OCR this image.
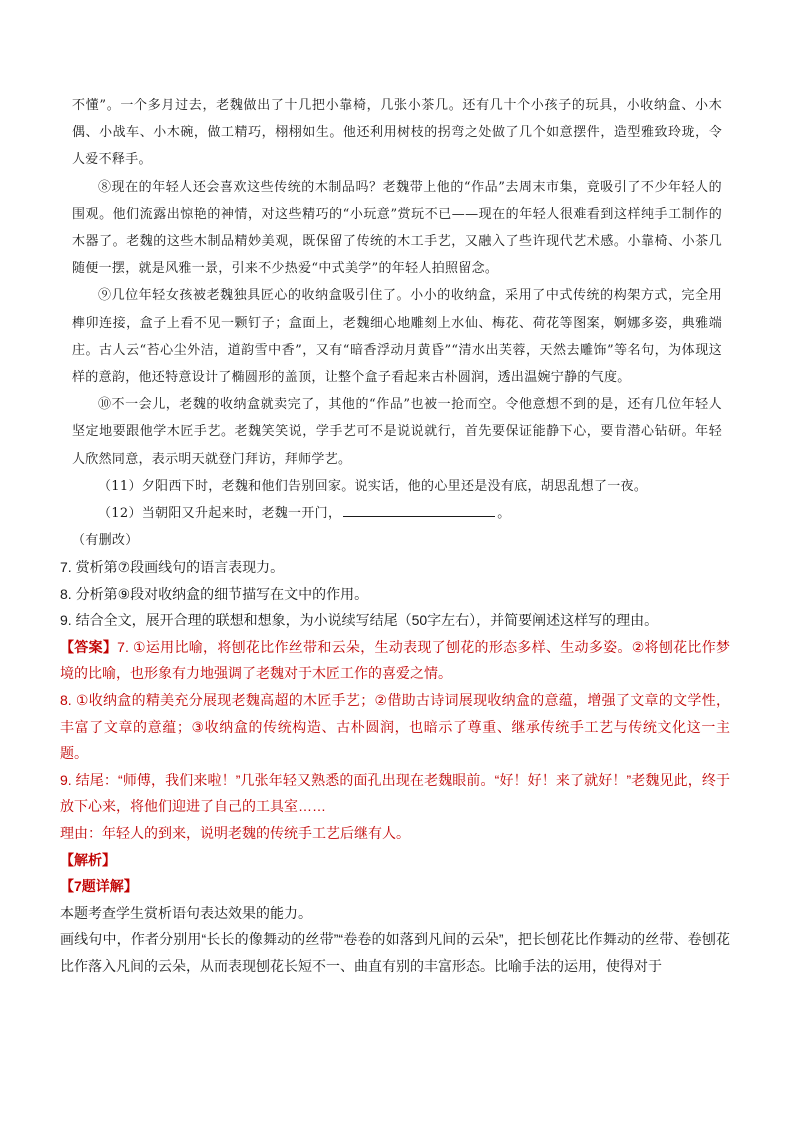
不懂”。一个多月过去，老魏做出了十几把小靠椅，几张小茶几。还有几十个小孩子的玩具，小收纳盒、小木偶、小战车、小木碗，做工精巧，栩栩如生。他还利用树枝的拐弯之处做了几个如意摆件，造型雅致玲珑，令人爱不释手。

⑧现在的年轻人还会喜欢这些传统的木制品吗？老魏带上他的“作品”去周末市集，竟吸引了不少年轻人的围观。他们流露出惊艳的神情，对这些精巧的“小玩意”赏玩不已——现在的年轻人很难看到这样纯手工制作的木器了。老魏的这些木制品精妙美观，既保留了传统的木工手艺，又融入了些许现代艺术感。小靠椅、小茶几随便一摆，就是风雅一景，引来不少热爱“中式美学”的年轻人拍照留念。

⑨几位年轻女孩被老魏独具匠心的收纳盒吸引住了。小小的收纳盒，采用了中式传统的构架方式，完全用榫卯连接，盒子上看不见一颗钉子；盒面上，老魏细心地雕刻上水仙、梅花、荷花等图案，婀娜多姿，典雅端庄。古人云“苔心尘外洁，道韵雪中香”，又有“暗香浮动月黄昏”“清水出芙蓉，天然去雕饰”等名句，为体现这样的意韵，他还特意设计了椭圆形的盖顶，让整个盒子看起来古朴圆润，透出温婉宁静的气度。

⑩不一会儿，老魏的收纳盒就卖完了，其他的“作品”也被一抢而空。令他意想不到的是，还有几位年轻人坚定地要跟他学木匠手艺。老魏笑笑说，学手艺可不是说说就行，首先要保证能静下心，要肯潜心钻研。年轻人欣然同意，表示明天就登门拜访，拜师学艺。

（11）夕阳西下时，老魏和他们告别回家。说实话，他的心里还是没有底，胡思乱想了一夜。

（12）当朝阳又升起来时，老魏一开门，	。

（有删改）

7. 赏析第⑦段画线句的语言表现力。

8. 分析第⑨段对收纳盒的细节描写在文中的作用。

9. 结合全文，展开合理的联想和想象，为小说续写结尾（50字左右），并简要阐述这样写的理由。

【答案】7. ①运用比喻，将刨花比作丝带和云朵，生动表现了刨花的形态多样、生动多姿。②将刨花比作梦境的比喻，也形象有力地强调了老魏对于木匠工作的喜爱之情。

8. ①收纳盒的精美充分展现老魏高超的木匠手艺；②借助古诗词展现收纳盒的意蕴，增强了文章的文学性，丰富了文章的意蕴；③收纳盒的传统构造、古朴圆润，也暗示了尊重、继承传统手工艺与传统文化这一主题。

9. 结尾：“师傅，我们来啦！”几张年轻又熟悉的面孔出现在老魏眼前。“好！好！来了就好！”老魏见此，终于放下心来，将他们迎进了自己的工具室……

理由：年轻人的到来，说明老魏的传统手工艺后继有人。

【解析】

【7题详解】

本题考查学生赏析语句表达效果的能力。

画线句中，作者分别用“长长的像舞动的丝带”“卷卷的如落到凡间的云朵”，把长刨花比作舞动的丝带、卷刨花比作落入凡间的云朵，从而表现刨花长短不一、曲直有别的丰富形态。比喻手法的运用，使得对于
